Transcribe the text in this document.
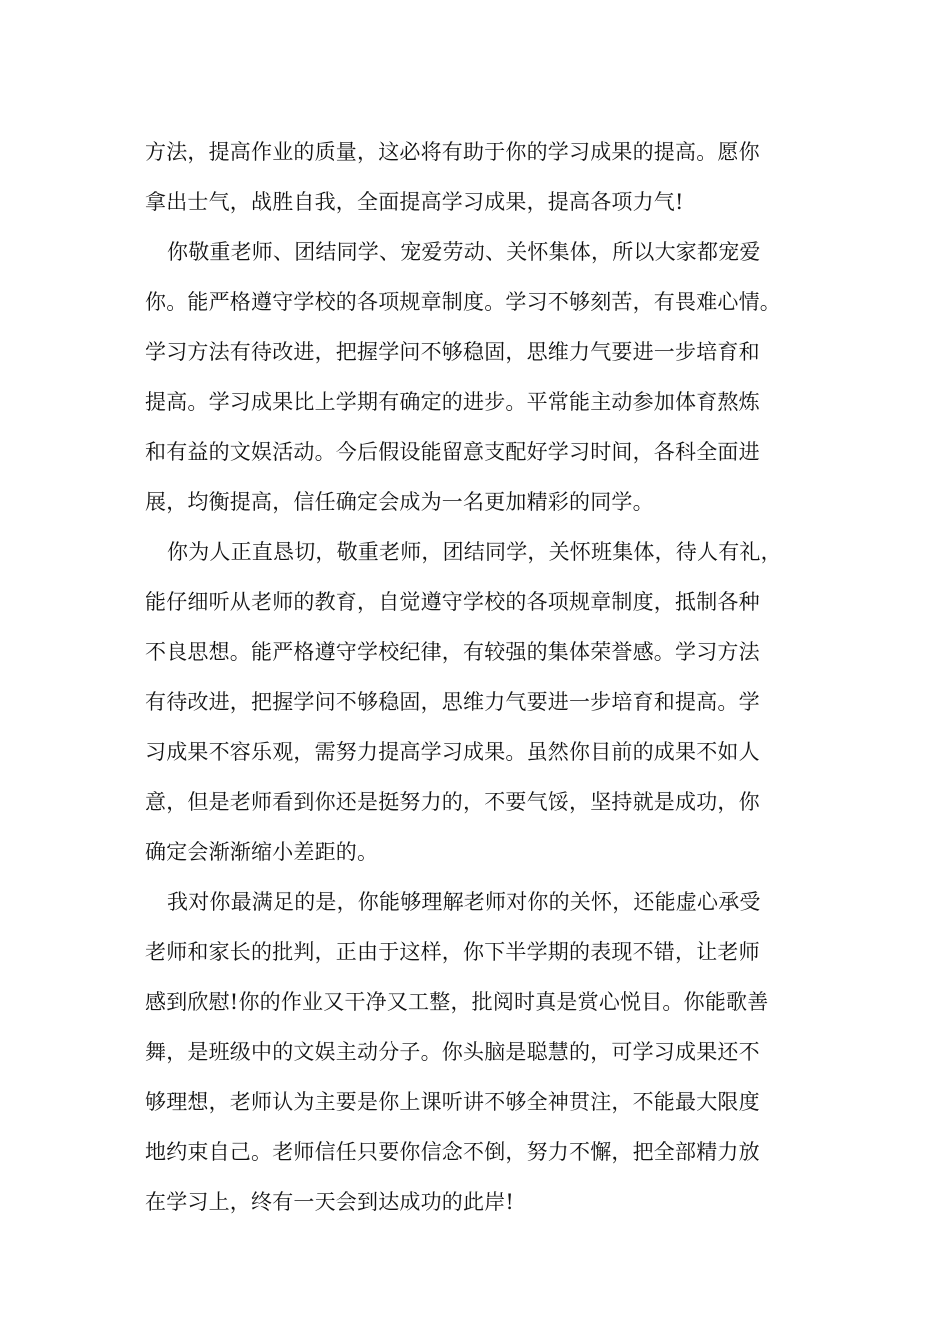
方法，提高作业的质量，这必将有助于你的学习成果的提高。愿你
拿出士气，战胜自我，全面提高学习成果，提高各项力气!
你敬重老师、团结同学、宠爱劳动、关怀集体，所以大家都宠爱
你。能严格遵守学校的各项规章制度。学习不够刻苦，有畏难心情。
学习方法有待改进，把握学问不够稳固，思维力气要进一步培育和
提高。学习成果比上学期有确定的进步。平常能主动参加体育熬炼
和有益的文娱活动。今后假设能留意支配好学习时间，各科全面进
展，均衡提高，信任确定会成为一名更加精彩的同学。
你为人正直恳切，敬重老师，团结同学，关怀班集体，待人有礼，
能仔细听从老师的教育，自觉遵守学校的各项规章制度，抵制各种
不良思想。能严格遵守学校纪律，有较强的集体荣誉感。学习方法
有待改进，把握学问不够稳固，思维力气要进一步培育和提高。学
习成果不容乐观，需努力提高学习成果。虽然你目前的成果不如人
意，但是老师看到你还是挺努力的，不要气馁，坚持就是成功，你
确定会渐渐缩小差距的。
我对你最满足的是，你能够理解老师对你的关怀，还能虚心承受
老师和家长的批判，正由于这样，你下半学期的表现不错，让老师
感到欣慰!你的作业又干净又工整，批阅时真是赏心悦目。你能歌善
舞，是班级中的文娱主动分子。你头脑是聪慧的，可学习成果还不
够理想，老师认为主要是你上课听讲不够全神贯注，不能最大限度
地约束自己。老师信任只要你信念不倒，努力不懈，把全部精力放
在学习上，终有一天会到达成功的此岸!
